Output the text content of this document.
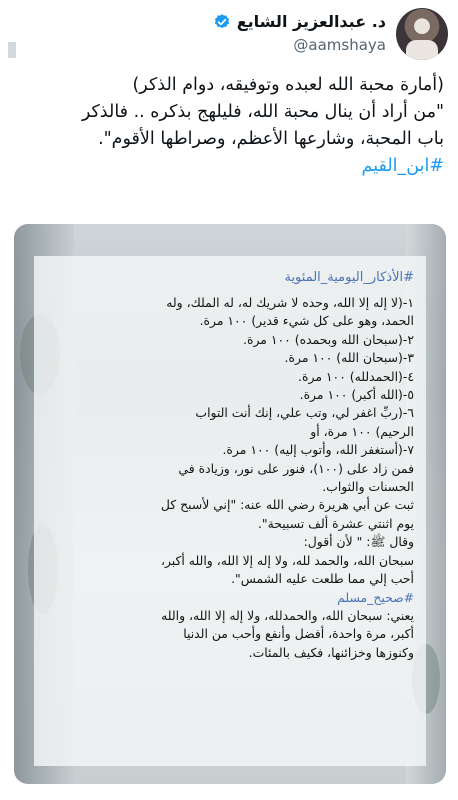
د. عبدالعزيز الشايع
@aamshaya

(أمارة محبة الله لعبده وتوفيقه، دوام الذكر)

"من أراد أن ينال محبة الله، فليلهج بذكره .. فالذكر

باب المحبة، وشارعها الأعظم، وصراطها الأقوم".

#ابن_القيم

#الأذكار_اليومية_المئوية
١-(لا إله إلا الله، وحده لا شريك له، له الملك، وله
الحمد، وهو على كل شيء قدير) ١٠٠ مرة.
٢-(سبحان الله وبحمده) ١٠٠ مرة.
٣-(سبحان الله) ١٠٠ مرة.
٤-(الحمدلله) ١٠٠ مرة.
٥-(الله أكبر) ١٠٠ مرة.
٦-(ربِّ اغفر لي، وتب علي، إنك أنت التواب
الرحيم) ١٠٠ مرة، أو
٧-(أستغفر الله، وأتوب إليه) ١٠٠ مرة.
فمن زاد على (١٠٠)، فنور على نور، وزيادة في
الحسنات والثواب.
ثبت عن أبي هريرة رضي الله عنه: "إني لأسبح كل
يوم اثنتي عشرة ألف تسبيحة".
وقال ﷺ: " لأن أقول:
سبحان الله، والحمد لله، ولا إله إلا الله، والله أكبر،
أحب إلي مما طلعت عليه الشمس".
#صحيح_مسلم
يعني: سبحان الله، والحمدلله، ولا إله إلا الله، والله
أكبر، مرة واحدة، أفضل وأنفع وأحب من الدنيا
وكنوزها وخزائنها، فكيف بالمئات.
